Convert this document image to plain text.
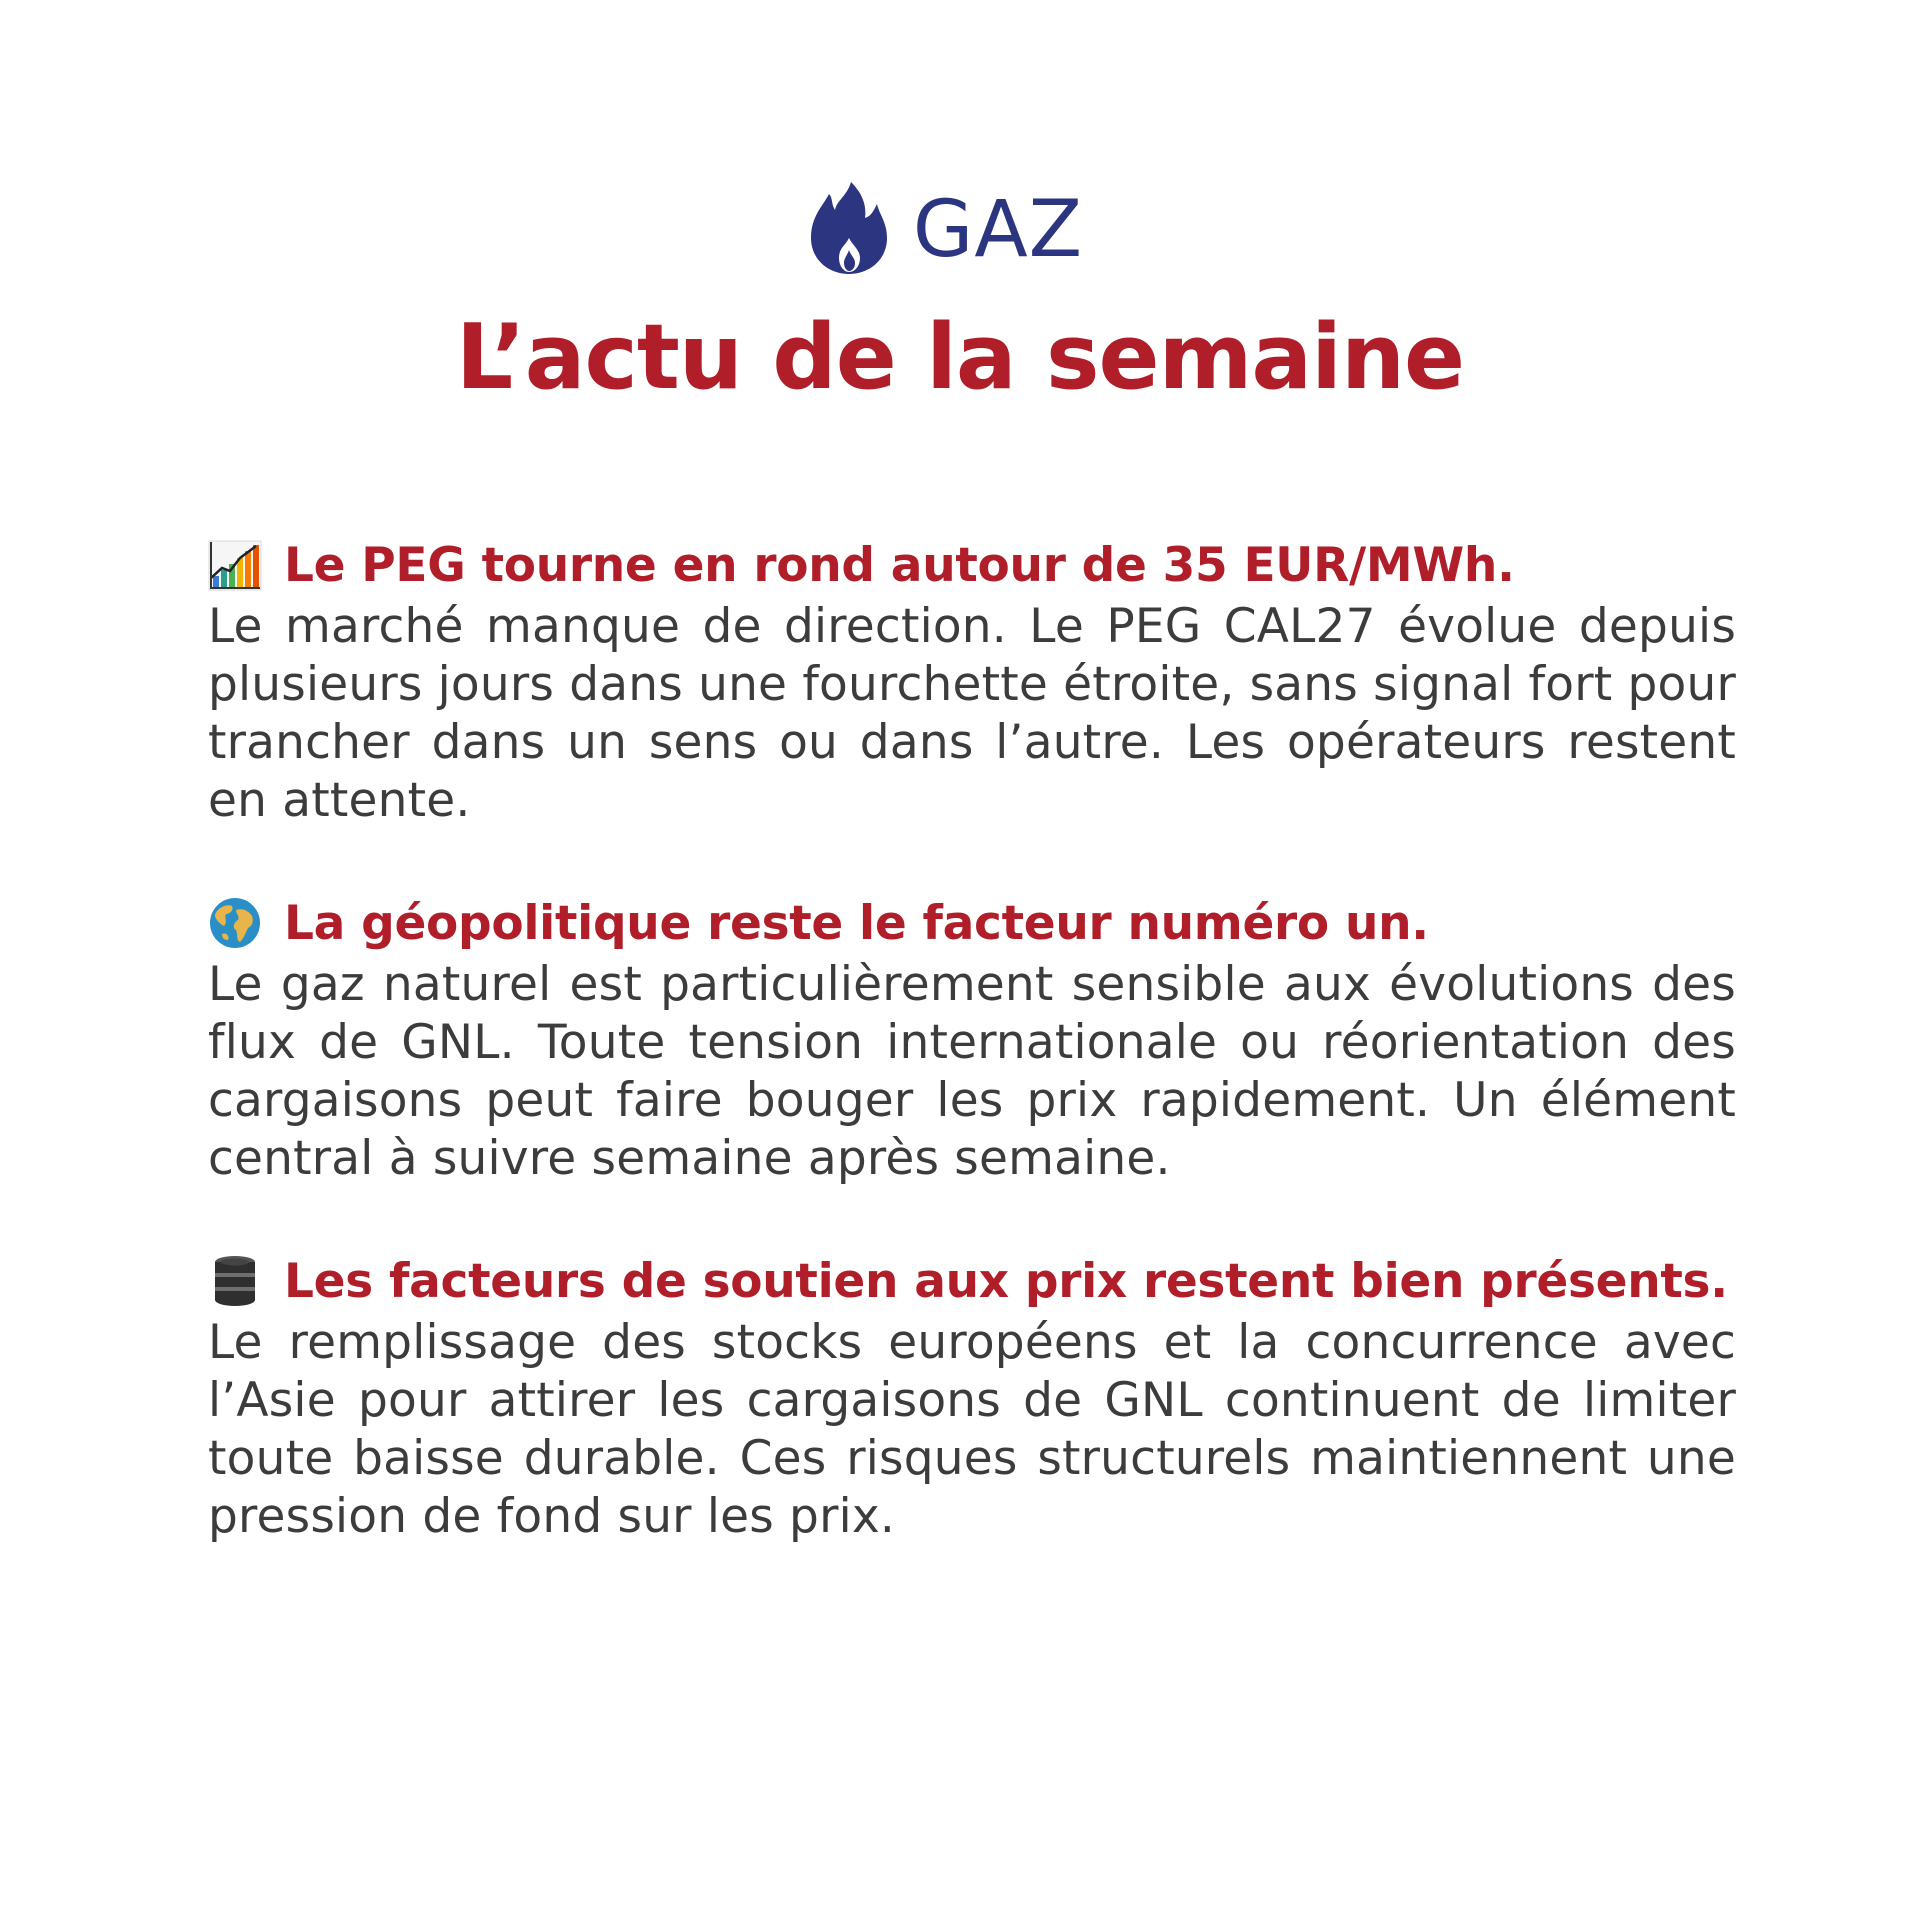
GAZ
L’actu de la semaine
Le PEG tourne en rond autour de 35 EUR/MWh.

Le marché manque de direction. Le PEG CAL27 évolue depuis plusieurs jours dans une fourchette étroite, sans signal fort pour trancher dans un sens ou dans l’autre. Les opérateurs restent en attente.

La géopolitique reste le facteur numéro un.

Le gaz naturel est particulièrement sensible aux évolutions des flux de GNL. Toute tension internationale ou réorientation des cargaisons peut faire bouger les prix rapidement. Un élément central à suivre semaine après semaine.

Les facteurs de soutien aux prix restent bien présents.

Le remplissage des stocks européens et la concurrence avec l’Asie pour attirer les cargaisons de GNL continuent de limiter toute baisse durable. Ces risques structurels maintiennent une pression de fond sur les prix.
